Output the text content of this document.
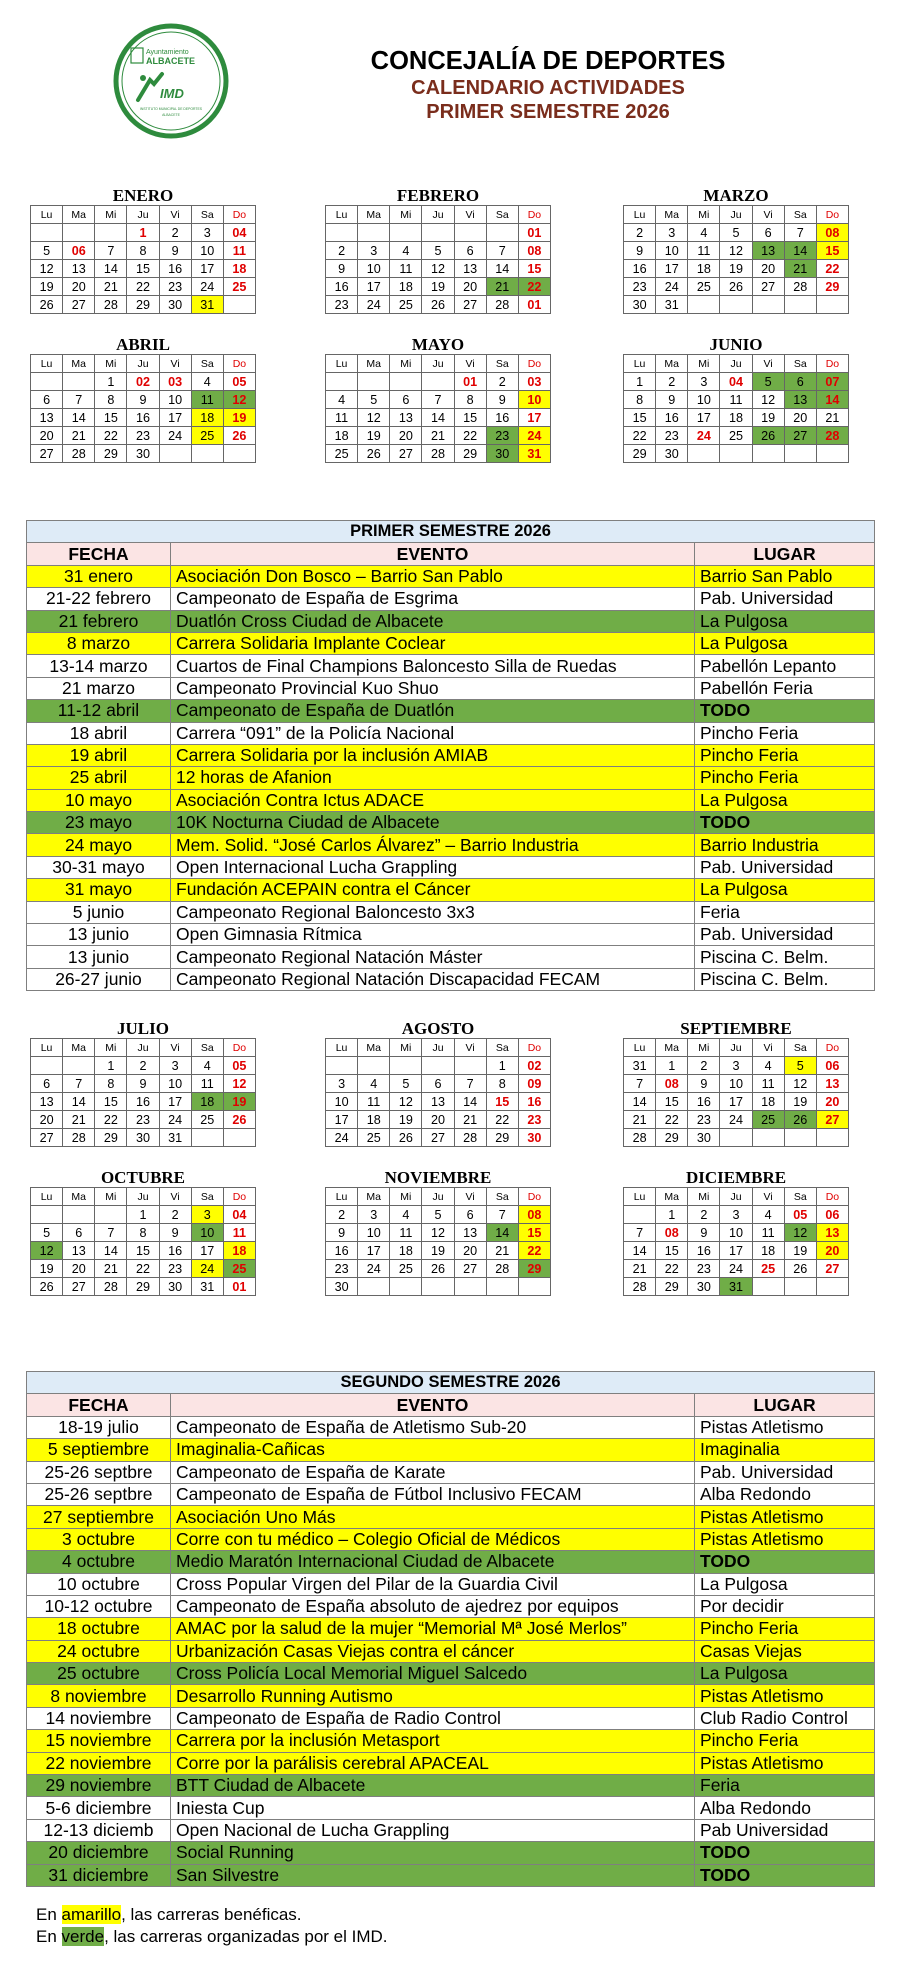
Ayuntamiento
ALBACETE
IMD
INSTITUTO MUNICIPAL DE DEPORTES
ALBACETE
CONCEJALÍA DE DEPORTES
CALENDARIO ACTIVIDADES
PRIMER SEMESTRE 2026
ENERO
Lu	Ma	Mi	Ju	Vi	Sa	Do
			1	2	3	04
5	06	7	8	9	10	11
12	13	14	15	16	17	18
19	20	21	22	23	24	25
26	27	28	29	30	31	
FEBRERO
Lu	Ma	Mi	Ju	Vi	Sa	Do
						01
2	3	4	5	6	7	08
9	10	11	12	13	14	15
16	17	18	19	20	21	22
23	24	25	26	27	28	01
MARZO
Lu	Ma	Mi	Ju	Vi	Sa	Do
2	3	4	5	6	7	08
9	10	11	12	13	14	15
16	17	18	19	20	21	22
23	24	25	26	27	28	29
30	31					
ABRIL
Lu	Ma	Mi	Ju	Vi	Sa	Do
		1	02	03	4	05
6	7	8	9	10	11	12
13	14	15	16	17	18	19
20	21	22	23	24	25	26
27	28	29	30			
MAYO
Lu	Ma	Mi	Ju	Vi	Sa	Do
				01	2	03
4	5	6	7	8	9	10
11	12	13	14	15	16	17
18	19	20	21	22	23	24
25	26	27	28	29	30	31
JUNIO
Lu	Ma	Mi	Ju	Vi	Sa	Do
1	2	3	04	5	6	07
8	9	10	11	12	13	14
15	16	17	18	19	20	21
22	23	24	25	26	27	28
29	30					
JULIO
Lu	Ma	Mi	Ju	Vi	Sa	Do
		1	2	3	4	05
6	7	8	9	10	11	12
13	14	15	16	17	18	19
20	21	22	23	24	25	26
27	28	29	30	31		
AGOSTO
Lu	Ma	Mi	Ju	Vi	Sa	Do
					1	02
3	4	5	6	7	8	09
10	11	12	13	14	15	16
17	18	19	20	21	22	23
24	25	26	27	28	29	30
SEPTIEMBRE
Lu	Ma	Mi	Ju	Vi	Sa	Do
31	1	2	3	4	5	06
7	08	9	10	11	12	13
14	15	16	17	18	19	20
21	22	23	24	25	26	27
28	29	30				
OCTUBRE
Lu	Ma	Mi	Ju	Vi	Sa	Do
			1	2	3	04
5	6	7	8	9	10	11
12	13	14	15	16	17	18
19	20	21	22	23	24	25
26	27	28	29	30	31	01
NOVIEMBRE
Lu	Ma	Mi	Ju	Vi	Sa	Do
2	3	4	5	6	7	08
9	10	11	12	13	14	15
16	17	18	19	20	21	22
23	24	25	26	27	28	29
30						
DICIEMBRE
Lu	Ma	Mi	Ju	Vi	Sa	Do
	1	2	3	4	05	06
7	08	9	10	11	12	13
14	15	16	17	18	19	20
21	22	23	24	25	26	27
28	29	30	31			
PRIMER SEMESTRE 2026		
FECHA	EVENTO	LUGAR
31 enero	Asociación Don Bosco – Barrio San Pablo	Barrio San Pablo
21-22 febrero	Campeonato de España de Esgrima	Pab. Universidad
21 febrero	Duatlón Cross Ciudad de Albacete	La Pulgosa
8 marzo	Carrera Solidaria Implante Coclear	La Pulgosa
13-14 marzo	Cuartos de Final Champions Baloncesto Silla de Ruedas	Pabellón Lepanto
21 marzo	Campeonato Provincial Kuo Shuo	Pabellón Feria
11-12 abril	Campeonato de España de Duatlón	TODO
18 abril	Carrera “091” de la Policía Nacional	Pincho Feria
19 abril	Carrera Solidaria por la inclusión AMIAB	Pincho Feria
25 abril	12 horas de Afanion	Pincho Feria
10 mayo	Asociación Contra Ictus ADACE	La Pulgosa
23 mayo	10K Nocturna Ciudad de Albacete	TODO
24 mayo	Mem. Solid. “José Carlos Álvarez” – Barrio Industria	Barrio Industria
30-31 mayo	Open Internacional Lucha Grappling	Pab. Universidad
31 mayo	Fundación ACEPAIN contra el Cáncer	La Pulgosa
5 junio	Campeonato Regional Baloncesto 3x3	Feria
13 junio	Open Gimnasia Rítmica	Pab. Universidad
13 junio	Campeonato Regional Natación Máster	Piscina C. Belm.
26-27 junio	Campeonato Regional Natación Discapacidad FECAM	Piscina C. Belm.
SEGUNDO SEMESTRE 2026		
FECHA	EVENTO	LUGAR
18-19 julio	Campeonato de España de Atletismo Sub-20	Pistas Atletismo
5 septiembre	Imaginalia-Cañicas	Imaginalia
25-26 septbre	Campeonato de España de Karate	Pab. Universidad
25-26 septbre	Campeonato de España de Fútbol Inclusivo FECAM	Alba Redondo
27 septiembre	Asociación Uno Más	Pistas Atletismo
3 octubre	Corre con tu médico – Colegio Oficial de Médicos	Pistas Atletismo
4 octubre	Medio Maratón Internacional Ciudad de Albacete	TODO
10 octubre	Cross Popular Virgen del Pilar de la Guardia Civil	La Pulgosa
10-12 octubre	Campeonato de España absoluto de ajedrez por equipos	Por decidir
18 octubre	AMAC por la salud de la mujer “Memorial Mª José Merlos”	Pincho Feria
24 octubre	Urbanización Casas Viejas contra el cáncer	Casas Viejas
25 octubre	Cross Policía Local Memorial Miguel Salcedo	La Pulgosa
8 noviembre	Desarrollo Running Autismo	Pistas Atletismo
14 noviembre	Campeonato de España de Radio Control	Club Radio Control
15 noviembre	Carrera por la inclusión Metasport	Pincho Feria
22 noviembre	Corre por la parálisis cerebral APACEAL	Pistas Atletismo
29 noviembre	BTT Ciudad de Albacete	Feria
5-6 diciembre	Iniesta Cup	Alba Redondo
12-13 diciemb	Open Nacional de Lucha Grappling	Pab Universidad
20 diciembre	Social Running	TODO
31 diciembre	San Silvestre	TODO
En amarillo, las carreras benéficas.
En verde, las carreras organizadas por el IMD.
